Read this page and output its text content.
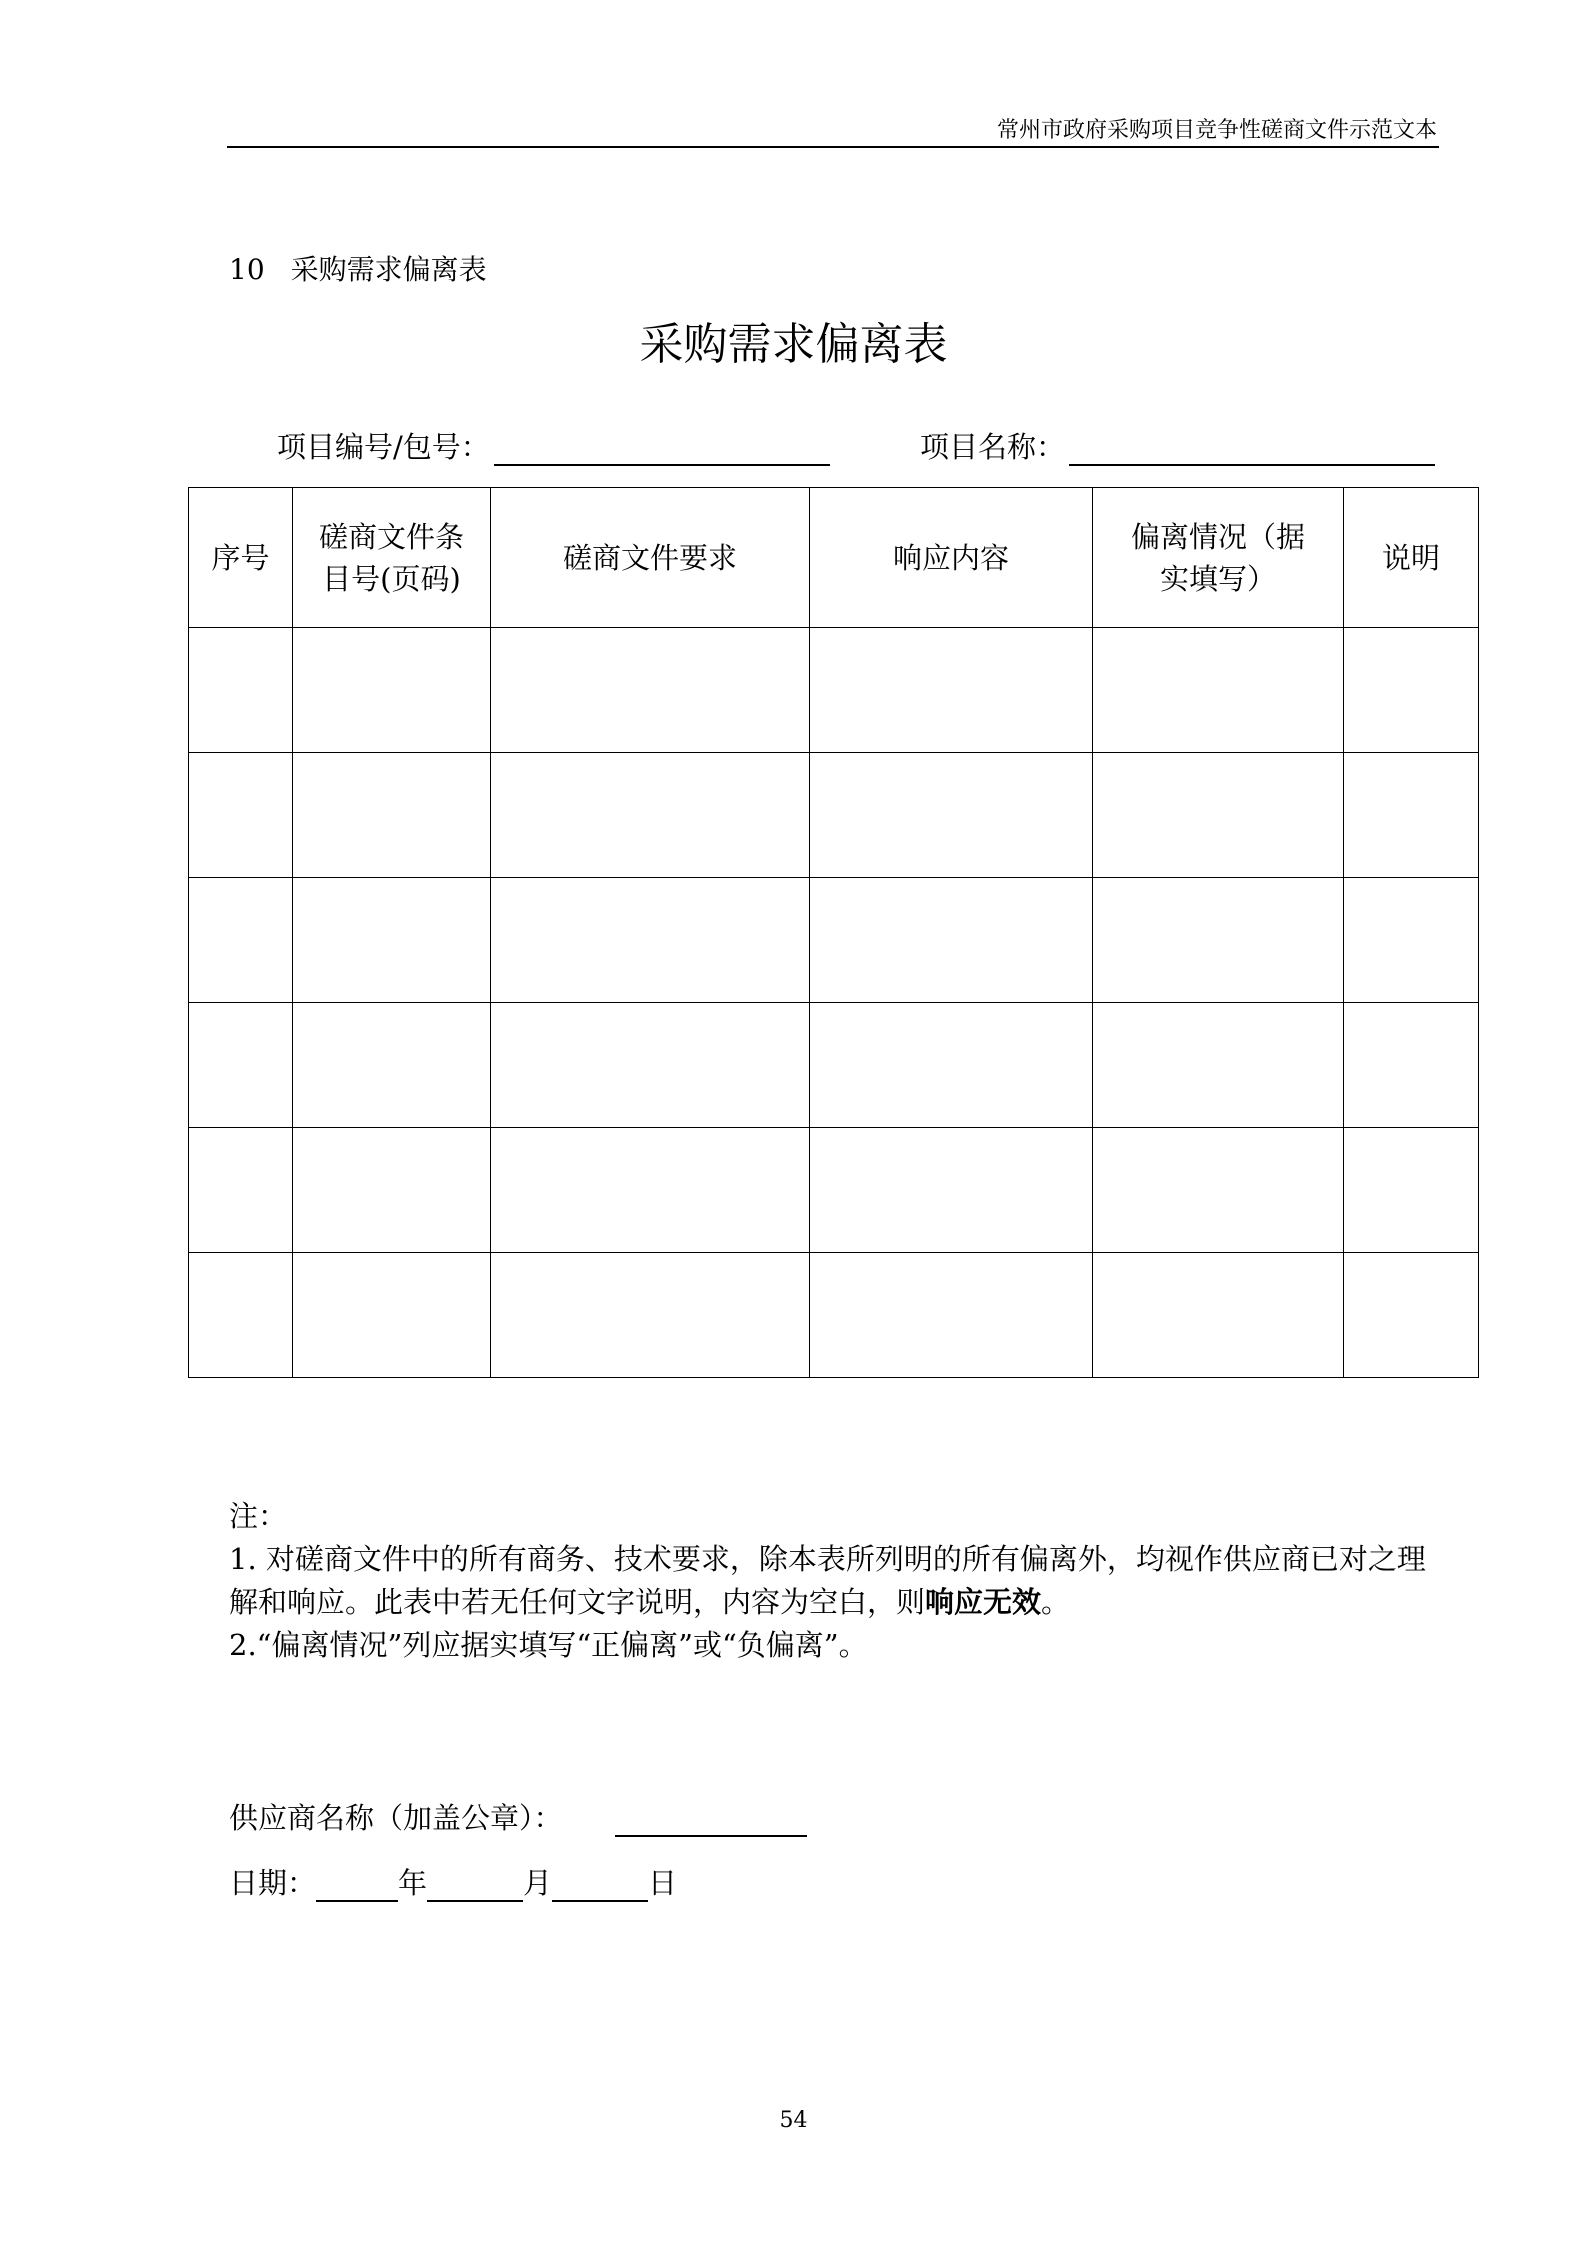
常州市政府采购项目竞争性磋商文件示范文本
10 采购需求偏离表
采购需求偏离表
项目编号/包号：	项目名称：
序号	磋商文件条目号(页码)	磋商文件要求	响应内容	偏离情况（据实填写）	说明

注：

1. 对磋商文件中的所有商务、技术要求，除本表所列明的所有偏离外，均视作供应商已对之理解和响应。此表中若无任何文字说明，内容为空白，则响应无效。

2.“偏离情况”列应据实填写“正偏离”或“负偏离”。

供应商名称（加盖公章）：
日期：	年	月	日
54
